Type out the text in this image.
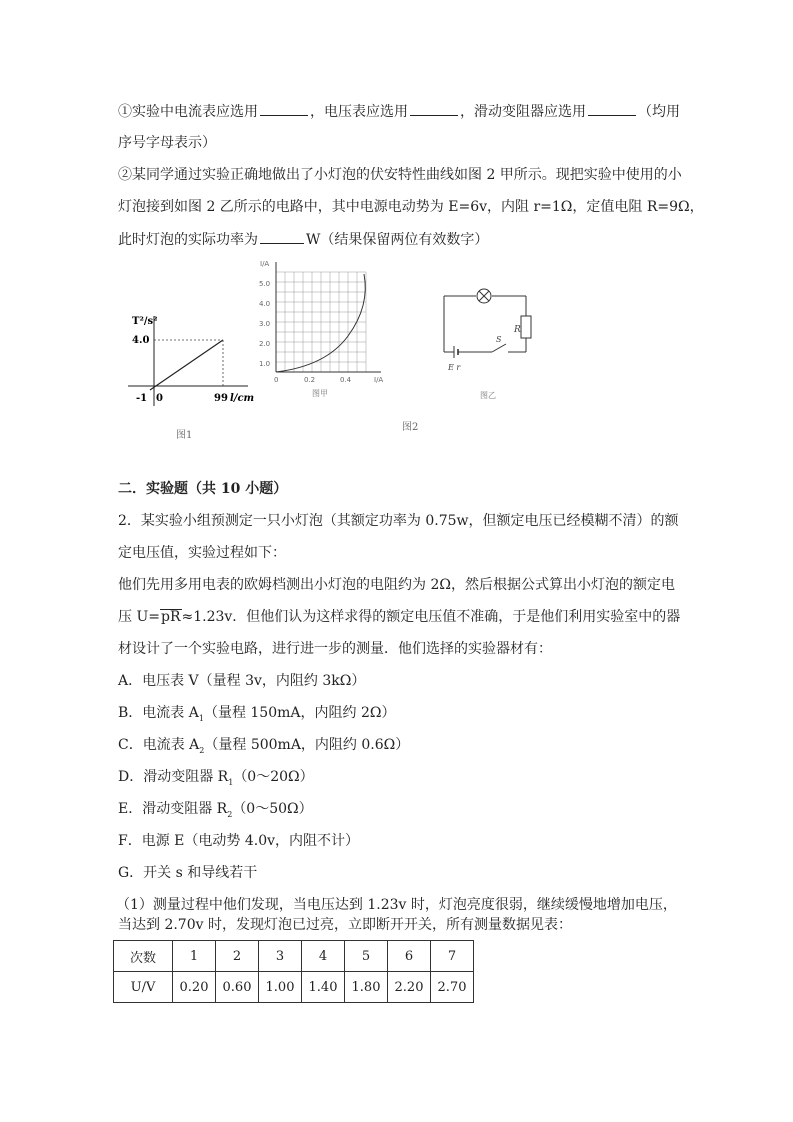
①实验中电流表应选用	，电压表应选用	，滑动变阻器应选用	（均用
序号字母表示）
②某同学通过实验正确地做出了小灯泡的伏安特性曲线如图 2 甲所示。现把实验中使用的小
灯泡接到如图 2 乙所示的电路中，其中电源电动势为 E=6v，内阻 r=1Ω，定值电阻 R=9Ω，
此时灯泡的实际功率为	W（结果保留两位有效数字）
T²/s²
4.0
-1 0	99 l/cm
图1
I/A
5.0
4.0
3.0
2.0
1.0
0	0.2	0.4	I/A
图甲
R
S
E r
图乙
图2
二．实验题（共 10 小题）
2．某实验小组预测定一只小灯泡（其额定功率为 0.75w，但额定电压已经模糊不清）的额
定电压值，实验过程如下：
他们先用多用电表的欧姆档测出小灯泡的电阻约为 2Ω，然后根据公式算出小灯泡的额定电
压 U=pR≈1.23v．但他们认为这样求得的额定电压值不准确，于是他们利用实验室中的器
材设计了一个实验电路，进行进一步的测量．他们选择的实验器材有：
A．电压表 V（量程 3v，内阻约 3kΩ）
B．电流表 $A_1$（量程 150mA，内阻约 2Ω）
C．电流表 $A_2$（量程 500mA，内阻约 0.6Ω）
D．滑动变阻器 $R_1(0\sim 20\Omega)$
E．滑动变阻器 $R_2(0\sim 50\Omega)$
F．电源 E（电动势 4.0v，内阻不计）
G．开关 s 和导线若干
（1）测量过程中他们发现，当电压达到 1.23v 时，灯泡亮度很弱，继续缓慢地增加电压，
当达到 2.70v 时，发现灯泡已过亮，立即断开开关，所有测量数据见表：
次数	1	2	3	4	5	6	7
U/V	0.20	0.60	1.00	1.40	1.80	2.20	2.70
